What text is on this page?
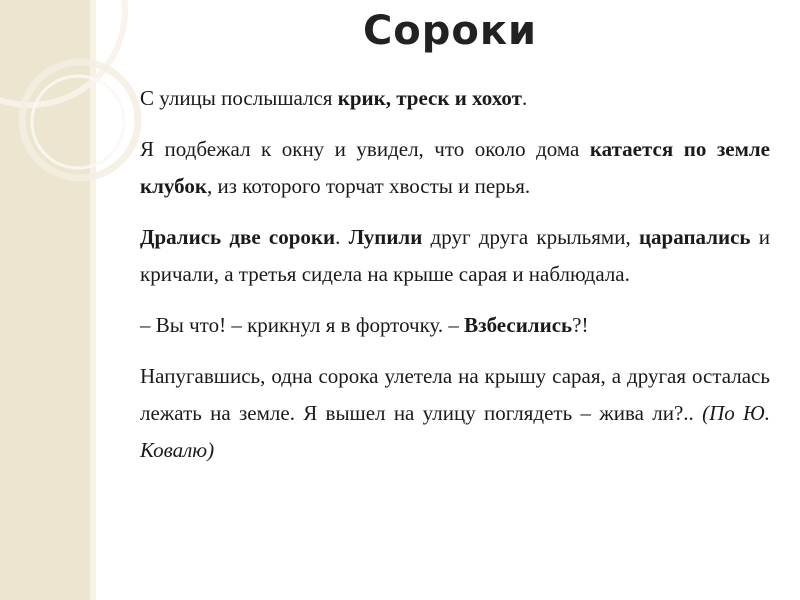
Сороки

С улицы послышался крик, треск и хохот.

Я подбежал к окну и увидел, что около дома катается по земле клубок, из которого торчат хвосты и перья.

Дрались две сороки. Лупили друг друга крыльями, царапались и кричали, а третья сидела на крыше сарая и наблюдала.

– Вы что! – крикнул я в форточку. – Взбесились?!

Напугавшись, одна сорока улетела на крышу сарая, а другая осталась лежать на земле. Я вышел на улицу поглядеть – жива ли?.. (По Ю. Ковалю)
